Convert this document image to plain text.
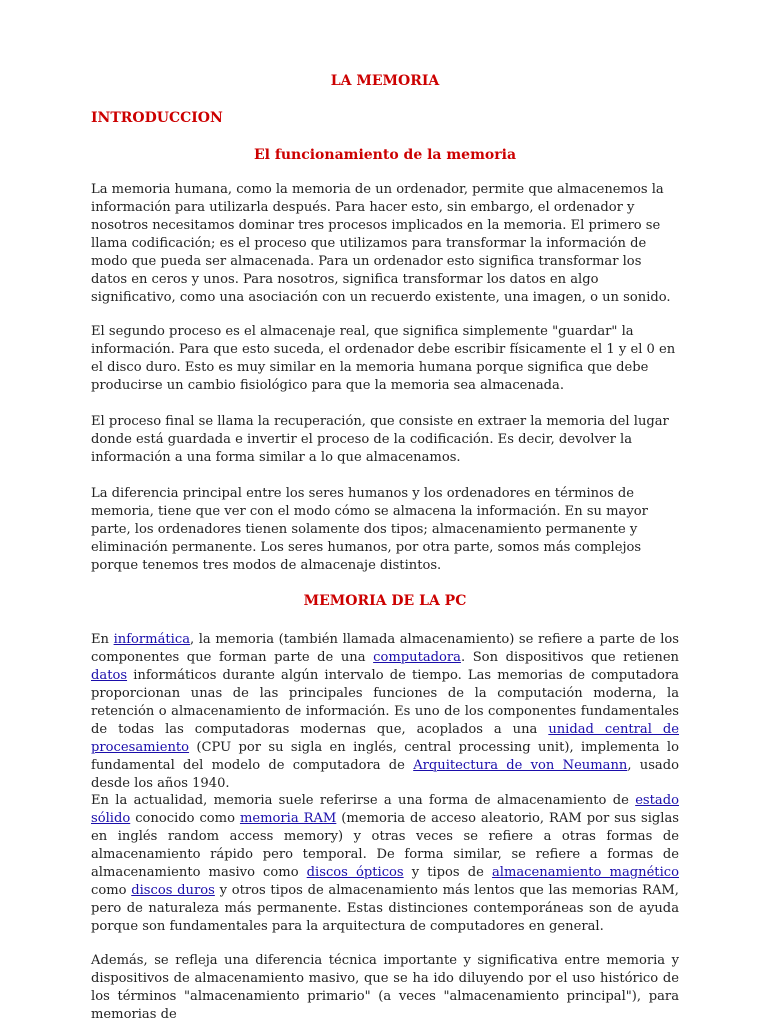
LA MEMORIA
INTRODUCCION
El funcionamiento de la memoria

La memoria humana, como la memoria de un ordenador, permite que almacenemos la información para utilizarla después. Para hacer esto, sin embargo, el ordenador y nosotros necesitamos dominar tres procesos implicados en la memoria. El primero se llama codificación; es el proceso que utilizamos para transformar la información de modo que pueda ser almacenada. Para un ordenador esto significa transformar los datos en ceros y unos. Para nosotros, significa transformar los datos en algo significativo, como una asociación con un recuerdo existente, una imagen, o un sonido.

El segundo proceso es el almacenaje real, que significa simplemente "guardar" la información. Para que esto suceda, el ordenador debe escribir físicamente el 1 y el 0 en el disco duro. Esto es muy similar en la memoria humana porque significa que debe producirse un cambio fisiológico para que la memoria sea almacenada.

El proceso final se llama la recuperación, que consiste en extraer la memoria del lugar donde está guardada e invertir el proceso de la codificación. Es decir, devolver la información a una forma similar a lo que almacenamos.

La diferencia principal entre los seres humanos y los ordenadores en términos de memoria, tiene que ver con el modo cómo se almacena la información. En su mayor parte, los ordenadores tienen solamente dos tipos; almacenamiento permanente y eliminación permanente. Los seres humanos, por otra parte, somos más complejos porque tenemos tres modos de almacenaje distintos.

MEMORIA DE LA PC

En informática, la memoria (también llamada almacenamiento) se refiere a parte de los componentes que forman parte de una computadora. Son dispositivos que retienen datos informáticos durante algún intervalo de tiempo. Las memorias de computadora proporcionan unas de las principales funciones de la computación moderna, la retención o almacenamiento de información. Es uno de los componentes fundamentales de todas las computadoras modernas que, acoplados a una unidad central de procesamiento (CPU por su sigla en inglés, central processing unit), implementa lo fundamental del modelo de computadora de Arquitectura de von Neumann, usado desde los años 1940.

En la actualidad, memoria suele referirse a una forma de almacenamiento de estado sólido conocido como memoria RAM (memoria de acceso aleatorio, RAM por sus siglas en inglés random access memory) y otras veces se refiere a otras formas de almacenamiento rápido pero temporal. De forma similar, se refiere a formas de almacenamiento masivo como discos ópticos y tipos de almacenamiento magnético como discos duros y otros tipos de almacenamiento más lentos que las memorias RAM, pero de naturaleza más permanente. Estas distinciones contemporáneas son de ayuda porque son fundamentales para la arquitectura de computadores en general.

Además, se refleja una diferencia técnica importante y significativa entre memoria y dispositivos de almacenamiento masivo, que se ha ido diluyendo por el uso histórico de los términos "almacenamiento primario" (a veces "almacenamiento principal"), para memorias de
